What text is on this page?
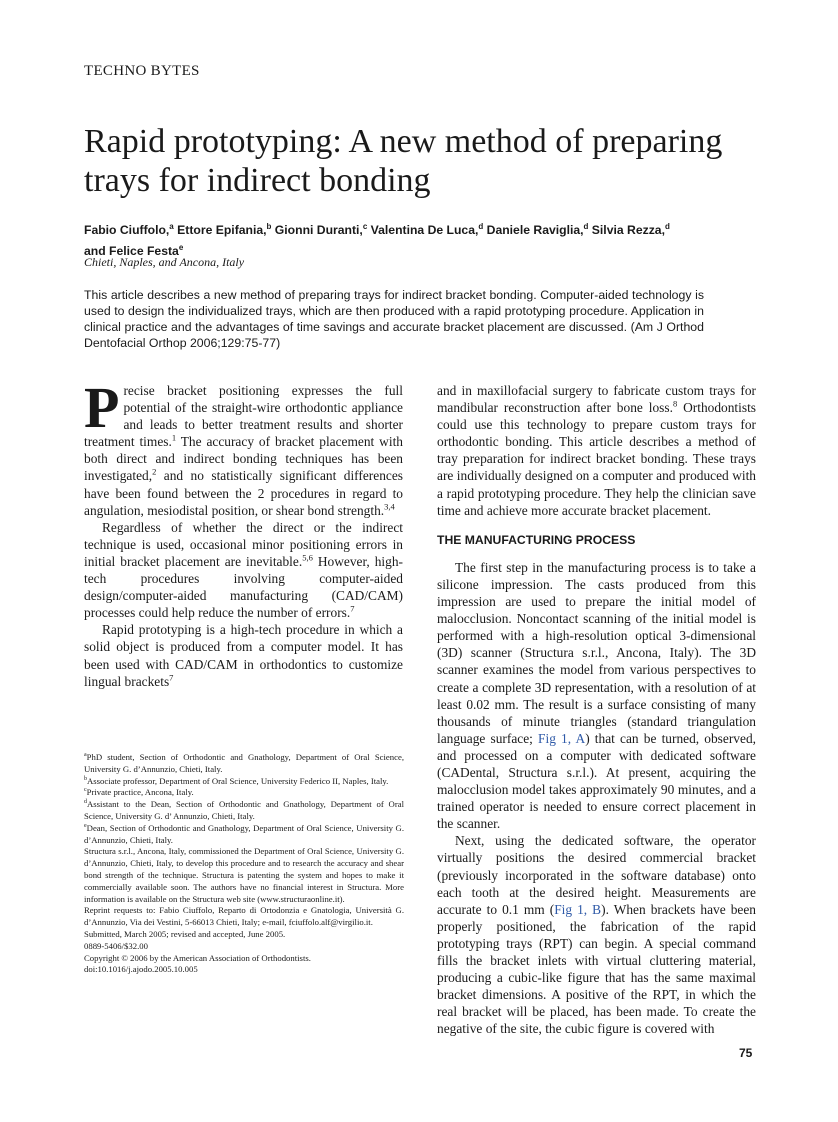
TECHNO BYTES
Rapid prototyping: A new method of preparing trays for indirect bonding
Fabio Ciuffolo,$^a$ Ettore Epifania,$^b$ Gionni Duranti,$^c$ Valentina De Luca,$^d$ Daniele Raviglia,$^d$ Silvia Rezza,$^d$
and Felice Festa$^e$
Chieti, Naples, and Ancona, Italy
This article describes a new method of preparing trays for indirect bracket bonding. Computer-aided technology is used to design the individualized trays, which are then produced with a rapid prototyping procedure. Application in clinical practice and the advantages of time savings and accurate bracket placement are discussed. (Am J Orthod Dentofacial Orthop 2006;129:75-77)

Precise bracket positioning expresses the full potential of the straight-wire orthodontic appliance and leads to better treatment results and shorter treatment times.$^1$ The accuracy of bracket placement with both direct and indirect bonding techniques has been investigated,$^2$ and no statistically significant differences have been found between the 2 procedures in regard to angulation, mesiodistal position, or shear bond strength.$^{3,4}$

Regardless of whether the direct or the indirect technique is used, occasional minor positioning errors in initial bracket placement are inevitable.$^{5,6}$ However, high-tech procedures involving computer-aided design/computer-aided manufacturing (CAD/CAM) processes could help reduce the number of errors.$^7$

Rapid prototyping is a high-tech procedure in which a solid object is produced from a computer model. It has been used with CAD/CAM in orthodontics to customize lingual brackets$^7$

and in maxillofacial surgery to fabricate custom trays for mandibular reconstruction after bone loss.$^8$ Orthodontists could use this technology to prepare custom trays for orthodontic bonding. This article describes a method of tray preparation for indirect bracket bonding. These trays are individually designed on a computer and produced with a rapid prototyping procedure. They help the clinician save time and achieve more accurate bracket placement.

THE MANUFACTURING PROCESS

The first step in the manufacturing process is to take a silicone impression. The casts produced from this impression are used to prepare the initial model of malocclusion. Noncontact scanning of the initial model is performed with a high-resolution optical 3-dimensional (3D) scanner (Structura s.r.l., Ancona, Italy). The 3D scanner examines the model from various perspectives to create a complete 3D representation, with a resolution of at least 0.02 mm. The result is a surface consisting of many thousands of minute triangles (standard triangulation language surface; Fig 1, A) that can be turned, observed, and processed on a computer with dedicated software (CADental, Structura s.r.l.). At present, acquiring the malocclusion model takes approximately 90 minutes, and a trained operator is needed to ensure correct placement in the scanner.

Next, using the dedicated software, the operator virtually positions the desired commercial bracket (previously incorporated in the software database) onto each tooth at the desired height. Measurements are accurate to 0.1 mm (Fig 1, B). When brackets have been properly positioned, the fabrication of the rapid prototyping trays (RPT) can begin. A special command fills the bracket inlets with virtual cluttering material, producing a cubic-like figure that has the same maximal bracket dimensions. A positive of the RPT, in which the real bracket will be placed, has been made. To create the negative of the site, the cubic figure is covered with

$^a$PhD student, Section of Orthodontic and Gnathology, Department of Oral Science, University G. d’Annunzio, Chieti, Italy.

$^b$Associate professor, Department of Oral Science, University Federico II, Naples, Italy.

$^c$Private practice, Ancona, Italy.

$^d$Assistant to the Dean, Section of Orthodontic and Gnathology, Department of Oral Science, University G. d’ Annunzio, Chieti, Italy.

$^e$Dean, Section of Orthodontic and Gnathology, Department of Oral Science, University G. d’Annunzio, Chieti, Italy.

Structura s.r.l., Ancona, Italy, commissioned the Department of Oral Science, University G. d’Annunzio, Chieti, Italy, to develop this procedure and to research the accuracy and shear bond strength of the technique. Structura is patenting the system and hopes to make it commercially available soon. The authors have no financial interest in Structura. More information is available on the Structura web site (www.structuraonline.it).

Reprint requests to: Fabio Ciuffolo, Reparto di Ortodonzia e Gnatologia, Università G. d’Annunzio, Via dei Vestini, 5-66013 Chieti, Italy; e-mail, fciuffolo.alf@virgilio.it.

Submitted, March 2005; revised and accepted, June 2005.

0889-5406/$32.00

Copyright © 2006 by the American Association of Orthodontists.

doi:10.1016/j.ajodo.2005.10.005

75
